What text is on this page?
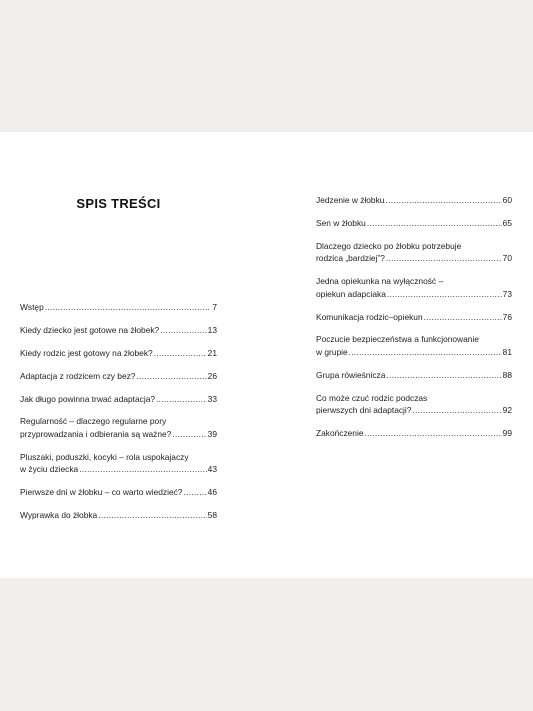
SPIS TREŚCI
Wstęp .....	7
Kiedy dziecko jest gotowe na żłobek? .....	13
Kiedy rodzic jest gotowy na żłobek? .....	21
Adaptacja z rodzicem czy bez? .....	26
Jak długo powinna trwać adaptacja? .....	33
Regularność – dlaczego regularne pory
przyprowadzania i odbierania są ważne? .....	39
Pluszaki, poduszki, kocyki – rola uspokajaczy
w życiu dziecka .....	43
Pierwsze dni w żłobku – co warto wiedzieć? .....	46
Wyprawka do żłobka .....	58
Jedzenie w żłobku .....	60
Sen w żłobku .....	65
Dlaczego dziecko po żłobku potrzebuje
rodzica „bardziej”? .....	70
Jedna opiekunka na wyłączność –
opiekun adapciaka .....	73
Komunikacja rodzic–opiekun .....	76
Poczucie bezpieczeństwa a funkcjonowanie
w grupie .....	81
Grupa rówieśnicza .....	88
Co może czuć rodzic podczas
pierwszych dni adaptacji? .....	92
Zakończenie .....	99
